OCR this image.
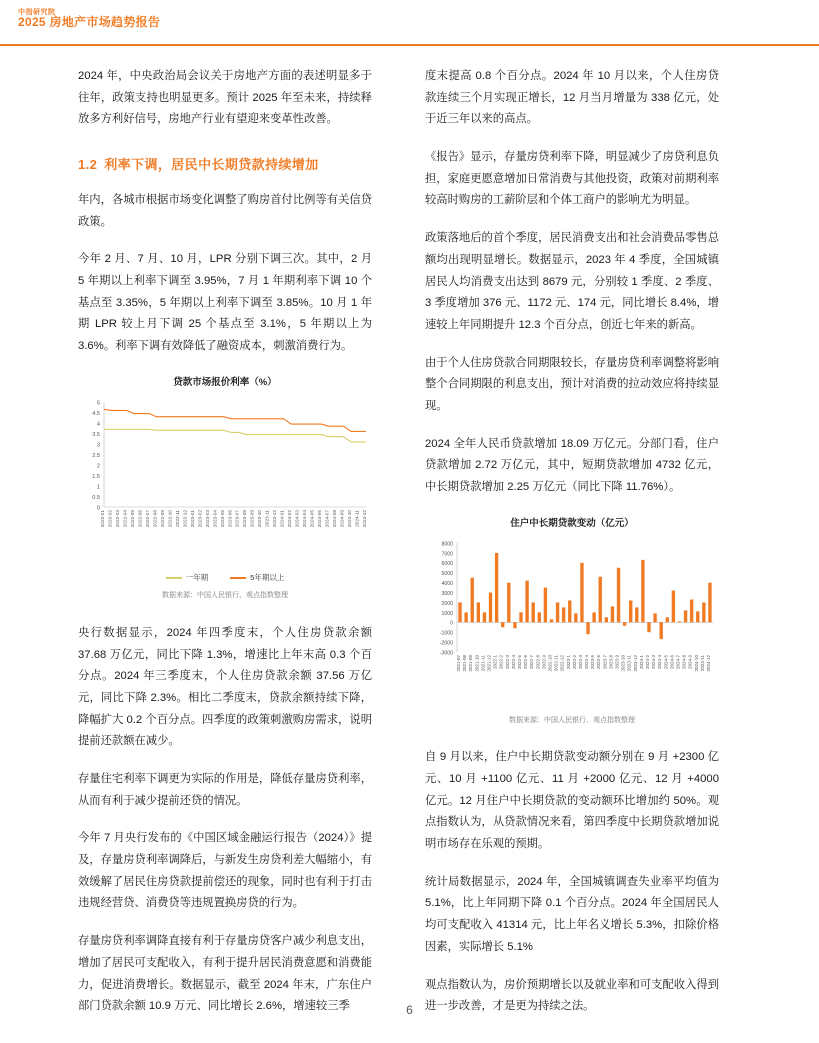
中指研究院
2025 房地产市场趋势报告

2024 年，中央政治局会议关于房地产方面的表述明显多于往年，政策支持也明显更多。预计 2025 年至未来，持续释放多方利好信号，房地产行业有望迎来变革性改善。

1.2 利率下调，居民中长期贷款持续增加

年内，各城市根据市场变化调整了购房首付比例等有关信贷政策。

今年 2 月、7 月、10 月，LPR 分别下调三次。其中，2 月 5 年期以上利率下调至 3.95%，7 月 1 年期利率下调 10 个基点至 3.35%，5 年期以上利率下调至 3.85%。10 月 1 年期 LPR 较上月下调 25 个基点至 3.1%，5 年期以上为 3.6%。利率下调有效降低了融资成本，刺激消费行为。

贷款市场报价利率（%）
0
0.5
1
1.5
2
2.5
3
3.5
4
4.5
5
2022-01 2022-02 2022-03 2022-04 2022-05 2022-06 2022-07 2022-08 2022-09 2022-10 2022-11 2022-12 2023-01 2023-02 2023-03 2023-04 2023-05 2023-06 2023-07 2023-08 2023-09 2023-10 2023-11 2023-12 2024-01 2024-02 2024-03 2024-04 2024-05 2024-06 2024-07 2024-08 2024-09 2024-10 2024-11 2024-12
一年期	5年期以上
数据来源：中国人民银行、观点指数整理

央行数据显示，2024 年四季度末，个人住房贷款余额 37.68 万亿元，同比下降 1.3%，增速比上年末高 0.3 个百分点。2024 年三季度末，个人住房贷款余额 37.56 万亿元，同比下降 2.3%。相比二季度末，贷款余额持续下降，降幅扩大 0.2 个百分点。四季度的政策刺激购房需求，说明提前还款额在减少。

存量住宅利率下调更为实际的作用是，降低存量房贷利率，从而有利于减少提前还贷的情况。

今年 7 月央行发布的《中国区域金融运行报告（2024）》提及，存量房贷利率调降后，与新发生房贷利差大幅缩小，有效缓解了居民住房贷款提前偿还的现象，同时也有利于打击违规经营贷、消费贷等违规置换房贷的行为。

存量房贷利率调降直接有利于存量房贷客户减少利息支出，增加了居民可支配收入，有利于提升居民消费意愿和消费能力，促进消费增长。数据显示，截至 2024 年末，广东住户部门贷款余额 10.9 万元、同比增长 2.6%，增速较三季

度末提高 0.8 个百分点。2024 年 10 月以来，个人住房贷款连续三个月实现正增长，12 月当月增量为 338 亿元，处于近三年以来的高点。

《报告》显示，存量房贷利率下降，明显减少了房贷利息负担，家庭更愿意增加日常消费与其他投资，政策对前期利率较高时购房的工薪阶层和个体工商户的影响尤为明显。

政策落地后的首个季度，居民消费支出和社会消费品零售总额均出现明显增长。数据显示，2023 年 4 季度，全国城镇居民人均消费支出达到 8679 元，分别较 1 季度、2 季度、3 季度增加 376 元、1172 元、174 元，同比增长 8.4%，增速较上年同期提升 12.3 个百分点，创近七年来的新高。

由于个人住房贷款合同期限较长，存量房贷利率调整将影响整个合同期限的利息支出，预计对消费的拉动效应将持续显现。

2024 全年人民币贷款增加 18.09 万亿元。分部门看，住户贷款增加 2.72 万亿元，其中，短期贷款增加 4732 亿元，中长期贷款增加 2.25 万亿元（同比下降 11.76%）。

住户中长期贷款变动（亿元）
-3000
-2000
-1000
0
1000
2000
3000
4000
5000
6000
7000
8000
2021-07 2021-08 2021-09 2021-10 2021-11 2021-12 2022-1 2022-2 2022-3 2022-4 2022-5 2022-6 2022-7 2022-8 2022-9 2022-10 2022-11 2022-12 2023-1 2023-2 2023-3 2023-4 2023-5 2023-6 2023-7 2023-8 2023-9 2023-10 2023-11 2023-12 2024-1 2024-2 2024-3 2024-4 2024-5 2024-6 2024-7 2024-8 2024-9 2024-10 2024-11 2024-12
数据来源：中国人民银行、观点指数整理

自 9 月以来，住户中长期贷款变动额分别在 9 月 +2300 亿元、10 月 +1100 亿元、11 月 +2000 亿元、12 月 +4000 亿元。12 月住户中长期贷款的变动额环比增加约 50%。观点指数认为，从贷款情况来看，第四季度中长期贷款增加说明市场存在乐观的预期。

统计局数据显示，2024 年，全国城镇调查失业率平均值为 5.1%，比上年同期下降 0.1 个百分点。2024 年全国居民人均可支配收入 41314 元，比上年名义增长 5.3%，扣除价格因素，实际增长 5.1%

观点指数认为，房价预期增长以及就业率和可支配收入得到进一步改善，才是更为持续之法。

6
